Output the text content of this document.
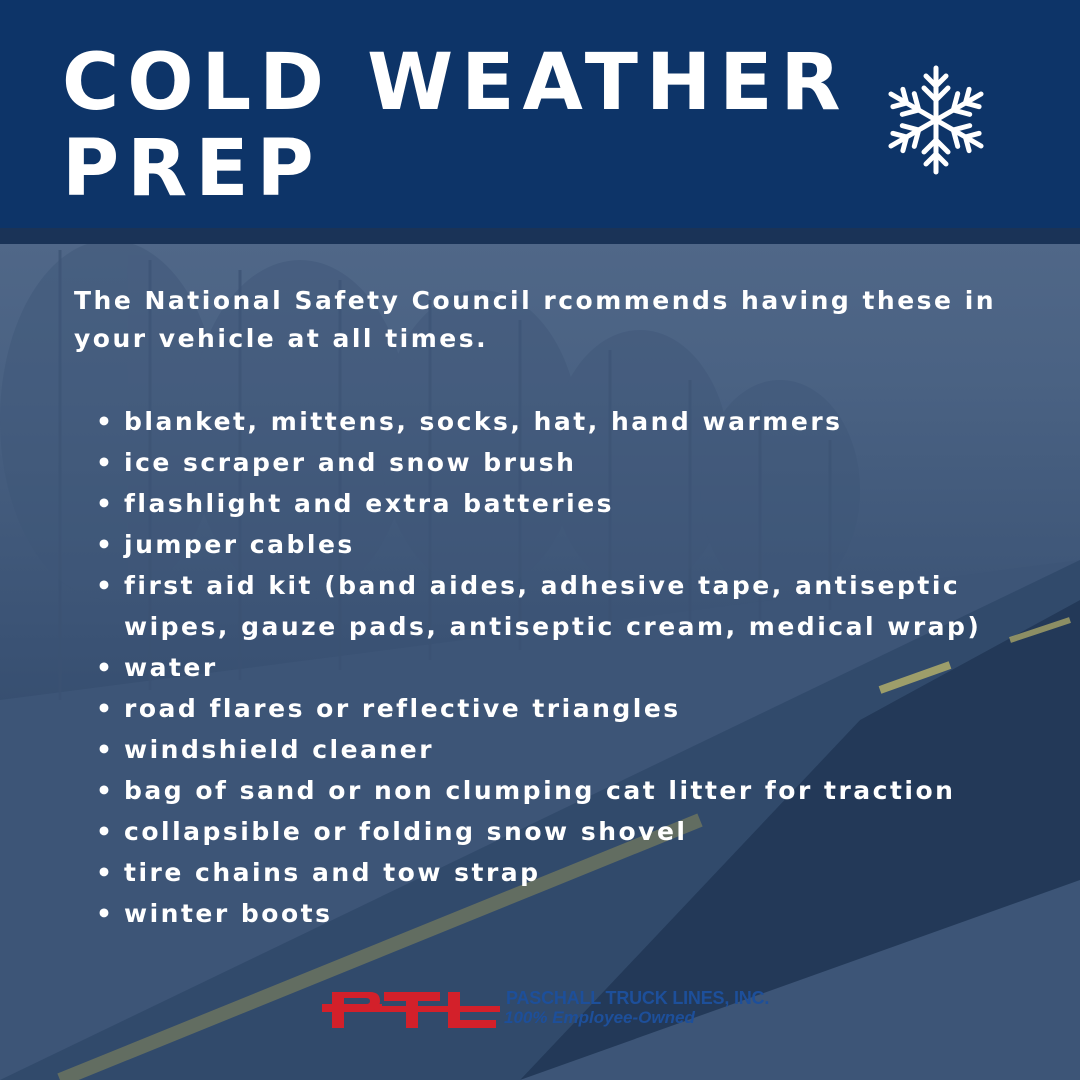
COLD WEATHER
PREP

The National Safety Council rcommends having these in your vehicle at all times.

• blanket, mittens, socks, hat, hand warmers
• ice scraper and snow brush
• flashlight and extra batteries
• jumper cables
• first aid kit (band aides, adhesive tape, antiseptic wipes, gauze pads, antiseptic cream, medical wrap)
• water
• road flares or reflective triangles
• windshield cleaner
• bag of sand or non clumping cat litter for traction
• collapsible or folding snow shovel
• tire chains and tow strap
• winter boots
PASCHALL TRUCK LINES, INC.
100% Employee-Owned
